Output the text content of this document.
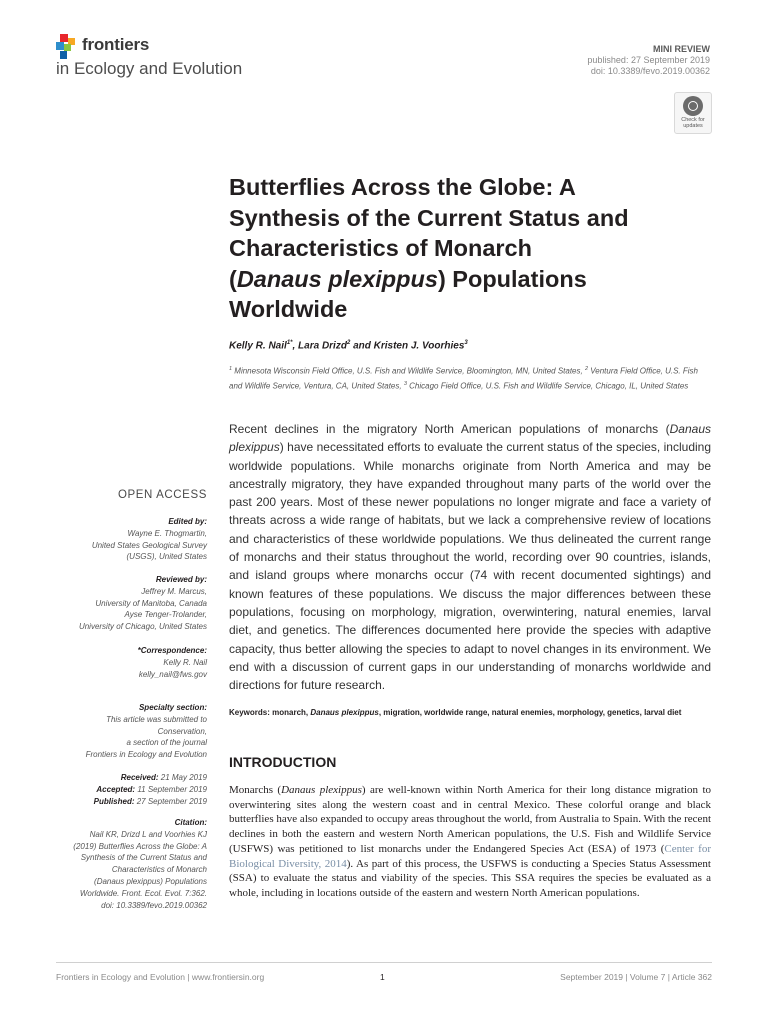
frontiers
in Ecology and Evolution
MINI REVIEW
published: 27 September 2019
doi: 10.3389/fevo.2019.00362
Check for
updates
Butterflies Across the Globe: A
Synthesis of the Current Status and
Characteristics of Monarch
(Danaus plexippus) Populations
Worldwide
Kelly R. Nail$^{1*}$, Lara Drizd$^2$ and Kristen J. Voorhies$^3$
$^1$ Minnesota Wisconsin Field Office, U.S. Fish and Wildlife Service, Bloomington, MN, United States, $^2$ Ventura Field Office, U.S. Fish and Wildlife Service, Ventura, CA, United States, $^3$ Chicago Field Office, U.S. Fish and Wildlife Service, Chicago, IL, United States
Recent declines in the migratory North American populations of monarchs (Danaus plexippus) have necessitated efforts to evaluate the current status of the species, including worldwide populations. While monarchs originate from North America and may be ancestrally migratory, they have expanded throughout many parts of the world over the past 200 years. Most of these newer populations no longer migrate and face a variety of threats across a wide range of habitats, but we lack a comprehensive review of locations and characteristics of these worldwide populations. We thus delineated the current range of monarchs and their status throughout the world, recording over 90 countries, islands, and island groups where monarchs occur (74 with recent documented sightings) and known features of these populations. We discuss the major differences between these populations, focusing on morphology, migration, overwintering, natural enemies, larval diet, and genetics. The differences documented here provide the species with adaptive capacity, thus better allowing the species to adapt to novel changes in its environment. We end with a discussion of current gaps in our understanding of monarchs worldwide and directions for future research.
Keywords: monarch, Danaus plexippus, migration, worldwide range, natural enemies, morphology, genetics, larval diet
INTRODUCTION
Monarchs (Danaus plexippus) are well-known within North America for their long distance migration to overwintering sites along the western coast and in central Mexico. These colorful orange and black butterflies have also expanded to occupy areas throughout the world, from Australia to Spain. With the recent declines in both the eastern and western North American populations, the U.S. Fish and Wildlife Service (USFWS) was petitioned to list monarchs under the Endangered Species Act (ESA) of 1973 (Center for Biological Diversity, 2014). As part of this process, the USFWS is conducting a Species Status Assessment (SSA) to evaluate the status and viability of the species. This SSA requires the species be evaluated as a whole, including in locations outside of the eastern and western North American populations.
OPEN ACCESS
Edited by:
Wayne E. Thogmartin,
United States Geological Survey
(USGS), United States
Reviewed by:
Jeffrey M. Marcus,
University of Manitoba, Canada
Ayse Tenger-Trolander,
University of Chicago, United States
*Correspondence:
Kelly R. Nail
kelly_nail@fws.gov
Specialty section:
This article was submitted to
Conservation,
a section of the journal
Frontiers in Ecology and Evolution
Received: 21 May 2019
Accepted: 11 September 2019
Published: 27 September 2019
Citation:
Nail KR, Drizd L and Voorhies KJ
(2019) Butterflies Across the Globe: A
Synthesis of the Current Status and
Characteristics of Monarch
(Danaus plexippus) Populations
Worldwide. Front. Ecol. Evol. 7:362.
doi: 10.3389/fevo.2019.00362
Frontiers in Ecology and Evolution | www.frontiersin.org	1	September 2019 | Volume 7 | Article 362
